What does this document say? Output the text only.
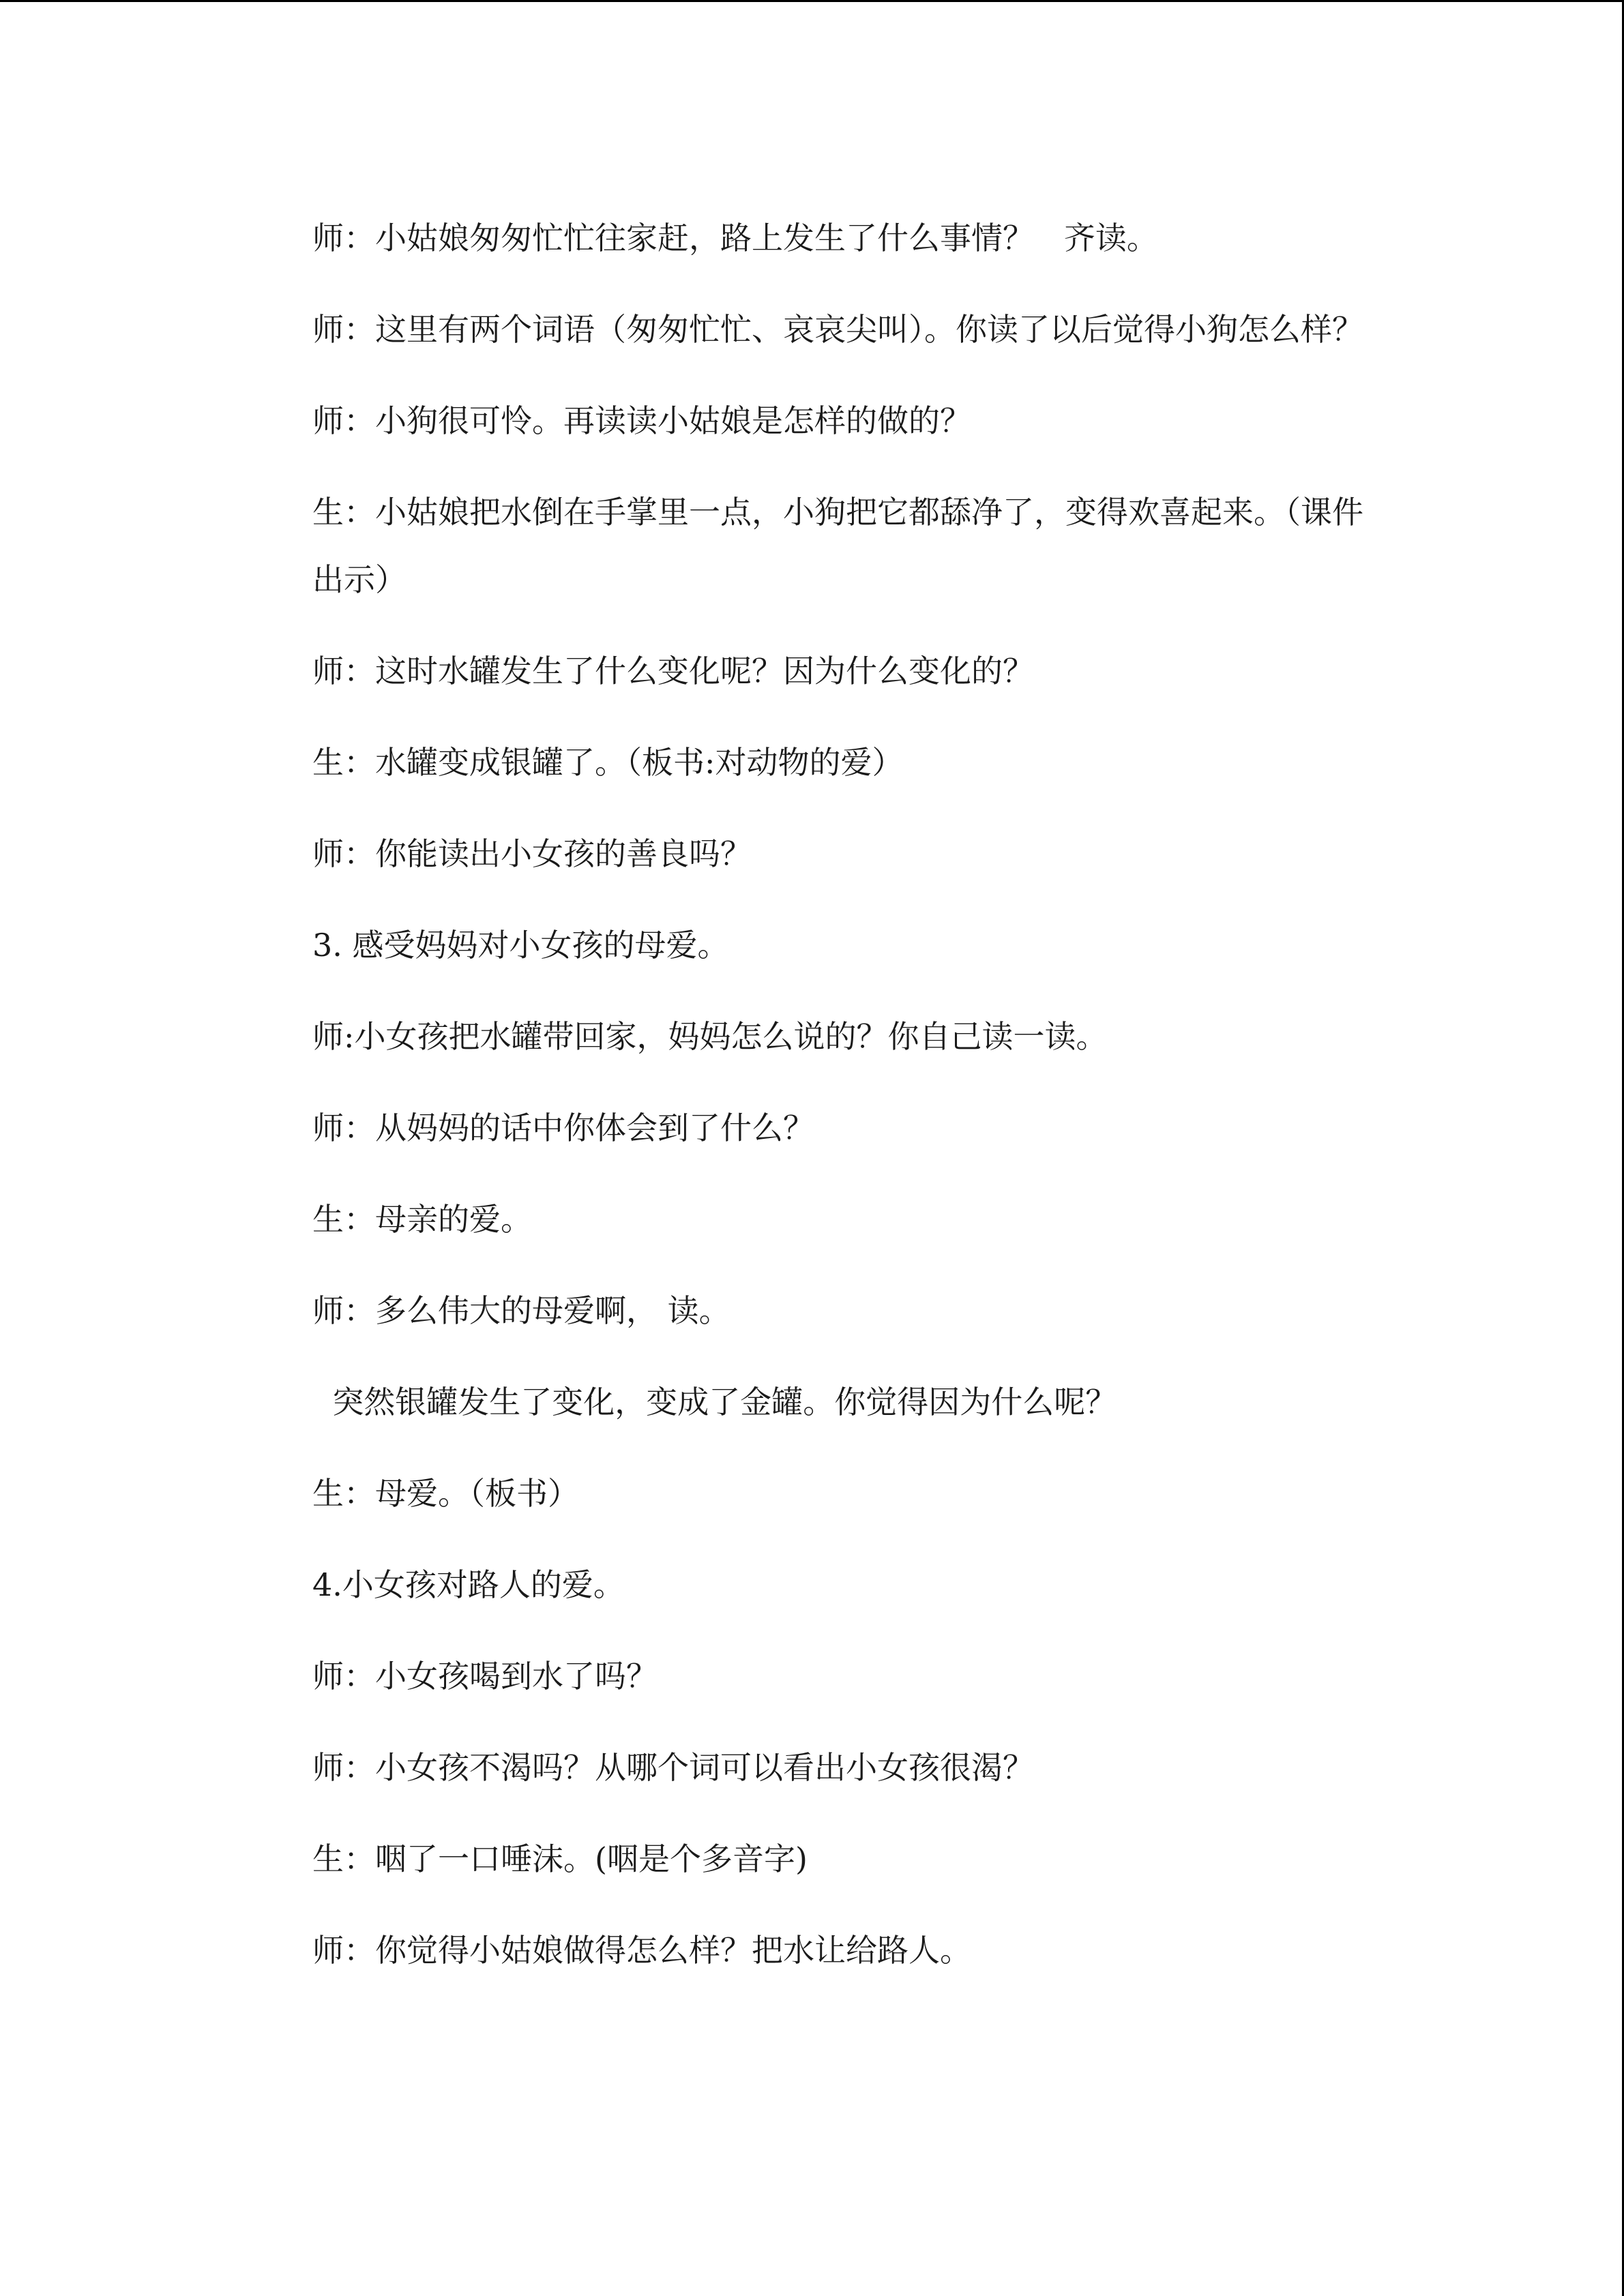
师：小姑娘匆匆忙忙往家赶，路上发生了什么事情？   齐读。

师：这里有两个词语（匆匆忙忙、哀哀尖叫）。你读了以后觉得小狗怎么样？

师：小狗很可怜。再读读小姑娘是怎样的做的？

生：小姑娘把水倒在手掌里一点，小狗把它都舔净了，变得欢喜起来。（课件出示）

师：这时水罐发生了什么变化呢？因为什么变化的？

生：水罐变成银罐了。（板书:对动物的爱）

师：你能读出小女孩的善良吗？

3. 感受妈妈对小女孩的母爱。

师:小女孩把水罐带回家，妈妈怎么说的？你自己读一读。

师：从妈妈的话中你体会到了什么？

生：母亲的爱。

师：多么伟大的母爱啊， 读。

突然银罐发生了变化，变成了金罐。你觉得因为什么呢？

生：母爱。（板书）

4.小女孩对路人的爱。

师：小女孩喝到水了吗？

师：小女孩不渴吗？从哪个词可以看出小女孩很渴？

生：咽了一口唾沫。(咽是个多音字)

师：你觉得小姑娘做得怎么样？把水让给路人。
